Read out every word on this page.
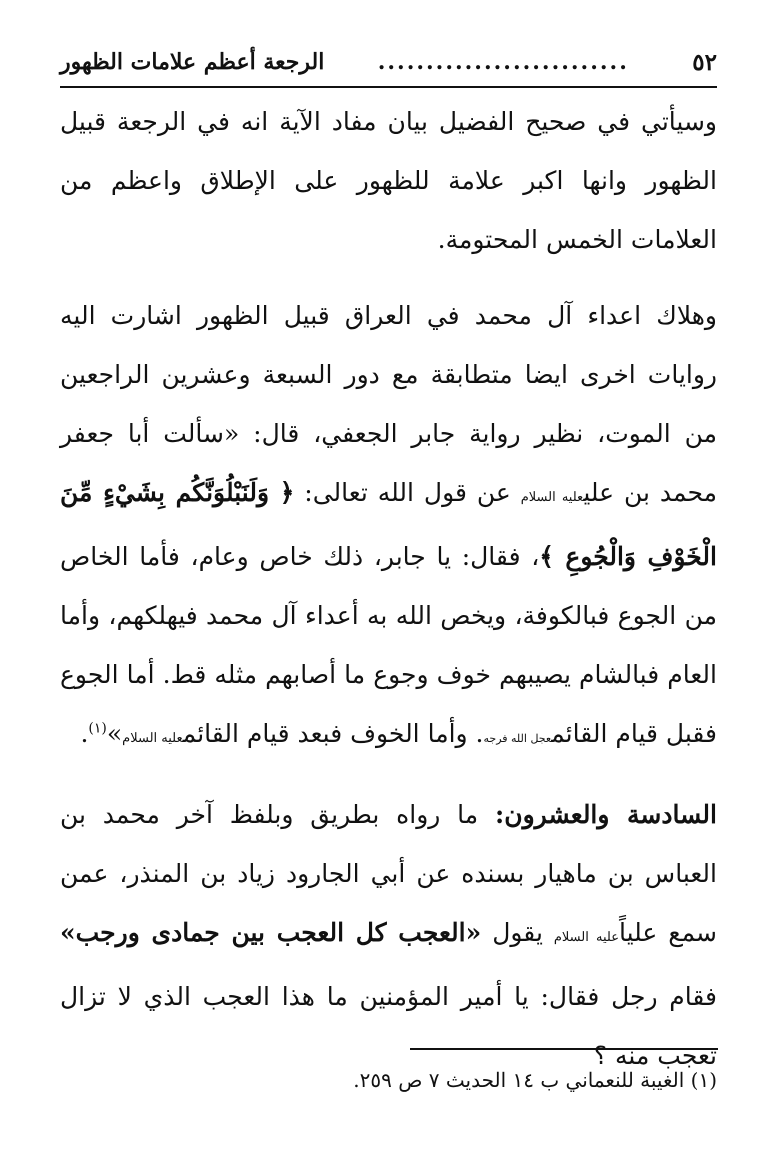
٥٢
..........................
الرجعة أعظم علامات الظهور

وسيأتي في صحيح الفضيل بيان مفاد الآية انه في الرجعة قبيل الظهور وانها اكبر علامة للظهور على الإطلاق واعظم من العلامات الخمس المحتومة.

وهلاك اعداء آل محمد في العراق قبيل الظهور اشارت اليه روايات اخرى ايضا متطابقة مع دور السبعة وعشرين الراجعين من الموت، نظير رواية جابر الجعفي، قال: «سألت أبا جعفر محمد بن عليعليه السلام عن قول الله تعالى: ﴿ وَلَنَبْلُوَنَّكُم بِشَيْءٍ مِّنَ الْخَوْفِ وَالْجُوعِ ﴾، فقال: يا جابر، ذلك خاص وعام، فأما الخاص من الجوع فبالكوفة، ويخص الله به أعداء آل محمد فيهلكهم، وأما العام فبالشام يصيبهم خوف وجوع ما أصابهم مثله قط. أما الجوع فقبل قيام القائمعجل الله فرجه. وأما الخوف فبعد قيام القائمعليه السلام»$^{(١)}$.

السادسة والعشرون: ما رواه بطريق وبلفظ آخر محمد بن العباس بن ماهيار بسنده عن أبي الجارود زياد بن المنذر، عمن سمع علياًعليه السلام يقول «العجب كل العجب بين جمادى ورجب» فقام رجل فقال: يا أمير المؤمنين ما هذا العجب الذي لا تزال تعجب منه ؟

(١) الغيبة للنعماني ب ١٤ الحديث ٧ ص ٢٥٩.
